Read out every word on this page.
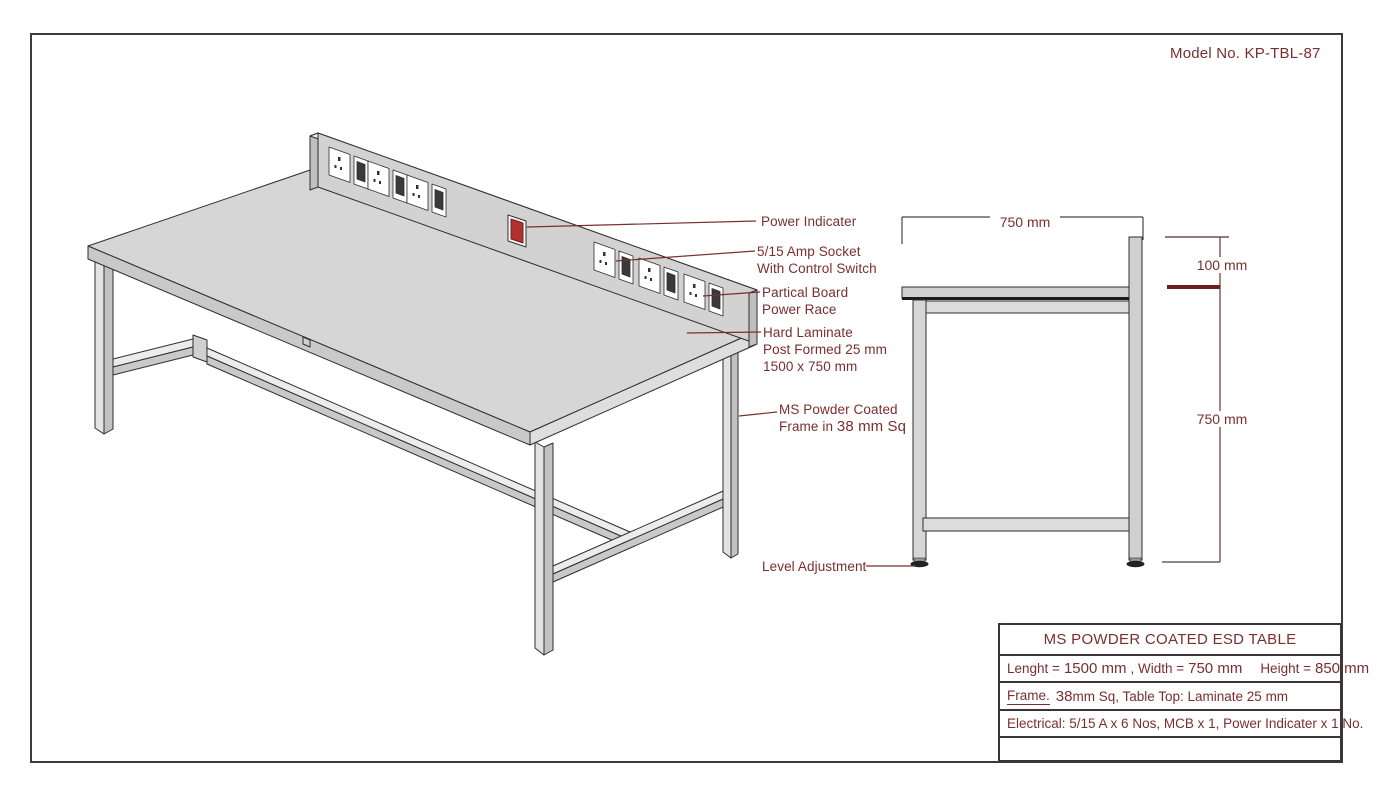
Model No. KP-TBL-87
Power Indicater
5/15 Amp Socket
With Control Switch
Partical Board
Power Race
Hard Laminate
Post Formed 25 mm
1500 x 750 mm
MS Powder Coated
Frame in 38 mm Sq
Level Adjustment
750 mm
100 mm
750 mm
MS POWDER COATED ESD TABLE
Lenght = 1500 mm , Width = 750 mm Height = 850 mm
Frame. 38 mm Sq, Table Top: Laminate 25 mm
Electrical: 5/15 A x 6 Nos, MCB x 1, Power Indicater x 1 No.
